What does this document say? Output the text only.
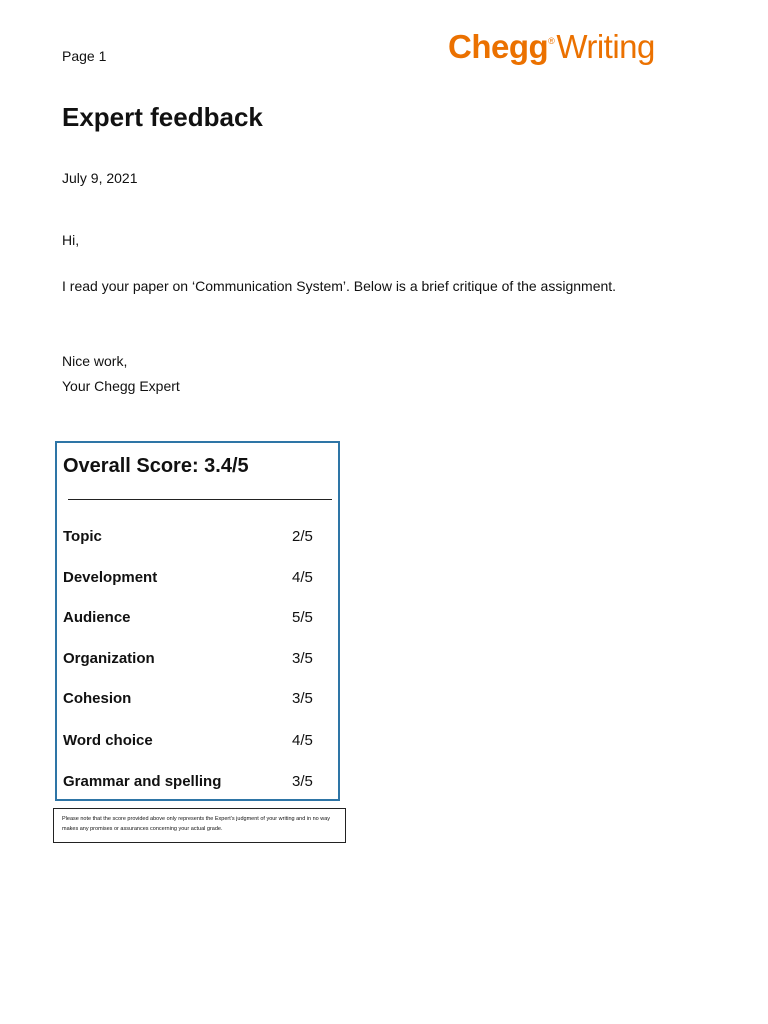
Page 1	Chegg®Writing
Expert feedback
July 9, 2021
Hi,
I read your paper on ‘Communication System’. Below is a brief critique of the assignment.
Nice work,
Your Chegg Expert
Overall Score: 3.4/5
Topic	2/5
Development	4/5
Audience	5/5
Organization	3/5
Cohesion	3/5
Word choice	4/5
Grammar and spelling	3/5
Please note that the score provided above only represents the Expert’s judgment of your writing and in no way makes any promises or assurances concerning your actual grade.
